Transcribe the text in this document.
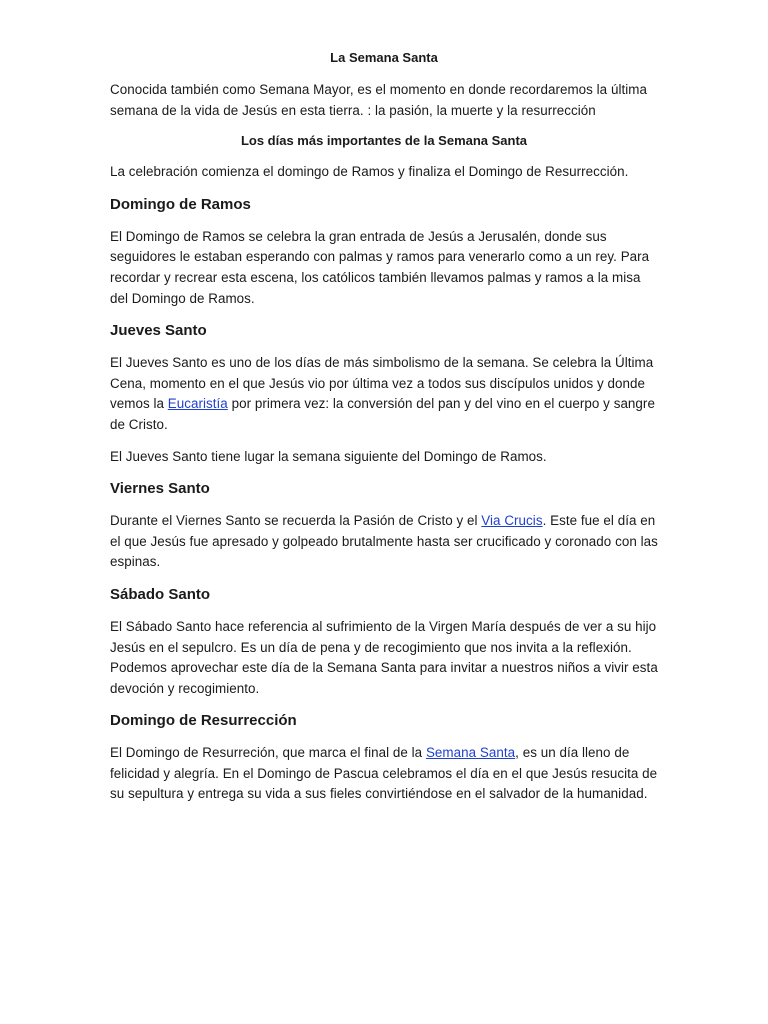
La Semana Santa

Conocida también como Semana Mayor, es el momento en donde recordaremos la última semana de la vida de Jesús en esta tierra. : la pasión, la muerte y la resurrección

Los días más importantes de la Semana Santa

La celebración comienza el domingo de Ramos y finaliza el Domingo de Resurrección.

Domingo de Ramos

El Domingo de Ramos se celebra la gran entrada de Jesús a Jerusalén, donde sus seguidores le estaban esperando con palmas y ramos para venerarlo como a un rey. Para recordar y recrear esta escena, los católicos también llevamos palmas y ramos a la misa del Domingo de Ramos.

Jueves Santo

El Jueves Santo es uno de los días de más simbolismo de la semana. Se celebra la Última Cena, momento en el que Jesús vio por última vez a todos sus discípulos unidos y donde vemos la Eucaristía por primera vez: la conversión del pan y del vino en el cuerpo y sangre de Cristo.

El Jueves Santo tiene lugar la semana siguiente del Domingo de Ramos.

Viernes Santo

Durante el Viernes Santo se recuerda la Pasión de Cristo y el Via Crucis. Este fue el día en el que Jesús fue apresado y golpeado brutalmente hasta ser crucificado y coronado con las espinas.

Sábado Santo

El Sábado Santo hace referencia al sufrimiento de la Virgen María después de ver a su hijo Jesús en el sepulcro. Es un día de pena y de recogimiento que nos invita a la reflexión. Podemos aprovechar este día de la Semana Santa para invitar a nuestros niños a vivir esta devoción y recogimiento.

Domingo de Resurrección

El Domingo de Resurreción, que marca el final de la Semana Santa, es un día lleno de felicidad y alegría. En el Domingo de Pascua celebramos el día en el que Jesús resucita de su sepultura y entrega su vida a sus fieles convirtiéndose en el salvador de la humanidad.
